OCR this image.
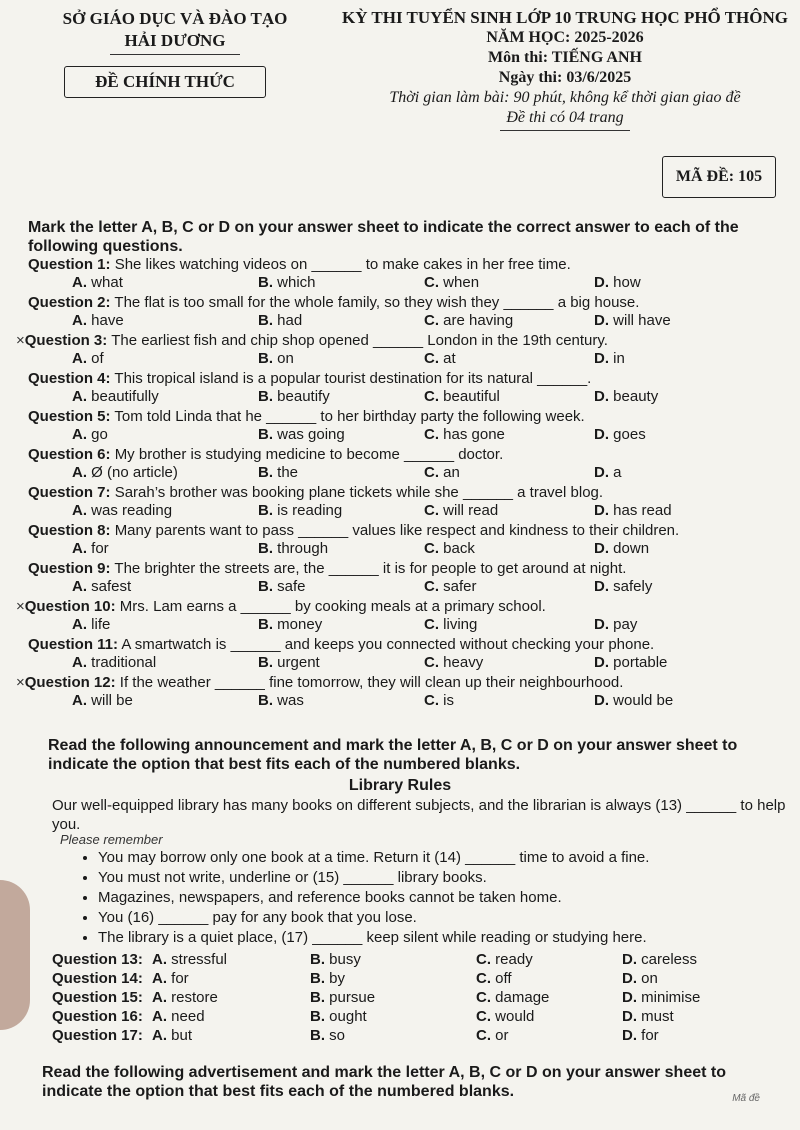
SỞ GIÁO DỤC VÀ ĐÀO TẠO
HẢI DƯƠNG
ĐỀ CHÍNH THỨC
KỲ THI TUYỂN SINH LỚP 10 TRUNG HỌC PHỔ THÔNG
NĂM HỌC: 2025-2026
Môn thi: TIẾNG ANH
Ngày thi: 03/6/2025
Thời gian làm bài: 90 phút, không kể thời gian giao đề
Đề thi có 04 trang
MÃ ĐỀ: 105
Mark the letter A, B, C or D on your answer sheet to indicate the correct answer to each of the following questions.
Question 1: She likes watching videos on ______ to make cakes in her free time.
A. what	B. which	C. when	D. how
Question 2: The flat is too small for the whole family, so they wish they ______ a big house.
A. have	B. had	C. are having	D. will have
×Question 3: The earliest fish and chip shop opened ______ London in the 19th century.
A. of	B. on	C. at	D. in
Question 4: This tropical island is a popular tourist destination for its natural ______.
A. beautifully	B. beautify	C. beautiful	D. beauty
Question 5: Tom told Linda that he ______ to her birthday party the following week.
A. go	B. was going	C. has gone	D. goes
Question 6: My brother is studying medicine to become ______ doctor.
A. Ø (no article)	B. the	C. an	D. a
Question 7: Sarah’s brother was booking plane tickets while she ______ a travel blog.
A. was reading	B. is reading	C. will read	D. has read
Question 8: Many parents want to pass ______ values like respect and kindness to their children.
A. for	B. through	C. back	D. down
Question 9: The brighter the streets are, the ______ it is for people to get around at night.
A. safest	B. safe	C. safer	D. safely
×Question 10: Mrs. Lam earns a ______ by cooking meals at a primary school.
A. life	B. money	C. living	D. pay
Question 11: A smartwatch is ______ and keeps you connected without checking your phone.
A. traditional	B. urgent	C. heavy	D. portable
×Question 12: If the weather ______ fine tomorrow, they will clean up their neighbourhood.
A. will be	B. was	C. is	D. would be
Read the following announcement and mark the letter A, B, C or D on your answer sheet to indicate the option that best fits each of the numbered blanks.
Library Rules
Our well-equipped library has many books on different subjects, and the librarian is always (13) ______ to help you.
Please remember
• You may borrow only one book at a time. Return it (14) ______ time to avoid a fine.
• You must not write, underline or (15) ______ library books.
• Magazines, newspapers, and reference books cannot be taken home.
• You (16) ______ pay for any book that you lose.
• The library is a quiet place, (17) ______ keep silent while reading or studying here.
Question 13: A. stressful	B. busy	C. ready	D. careless
Question 14: A. for	B. by	C. off	D. on
Question 15: A. restore	B. pursue	C. damage	D. minimise
Question 16: A. need	B. ought	C. would	D. must
Question 17: A. but	B. so	C. or	D. for
Read the following advertisement and mark the letter A, B, C or D on your answer sheet to indicate the option that best fits each of the numbered blanks.	Mã đề
